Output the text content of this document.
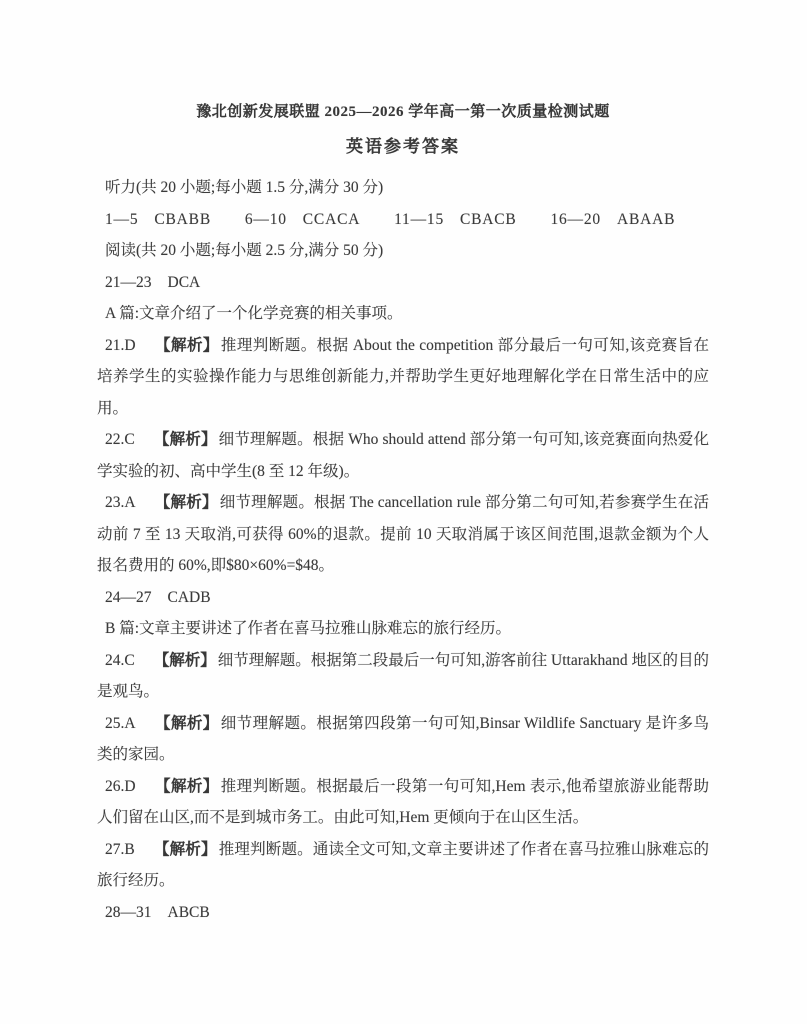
豫北创新发展联盟 2025—2026 学年高一第一次质量检测试题
英语参考答案

听力(共 20 小题;每小题 1.5 分,满分 30 分)

1—5 CBABB 6—10 CCACA 11—15 CBACB 16—20 ABAAB

阅读(共 20 小题;每小题 2.5 分,满分 50 分)

21—23 DCA

A 篇:文章介绍了一个化学竞赛的相关事项。

21.D 【解析】 推理判断题。根据 About the competition 部分最后一句可知,该竞赛旨在培养学生的实验操作能力与思维创新能力,并帮助学生更好地理解化学在日常生活中的应用。

22.C 【解析】 细节理解题。根据 Who should attend 部分第一句可知,该竞赛面向热爱化学实验的初、高中学生(8 至 12 年级)。

23.A 【解析】 细节理解题。根据 The cancellation rule 部分第二句可知,若参赛学生在活动前 7 至 13 天取消,可获得 60%的退款。提前 10 天取消属于该区间范围,退款金额为个人报名费用的 60%,即$80×60%=$48。

24—27 CADB

B 篇:文章主要讲述了作者在喜马拉雅山脉难忘的旅行经历。

24.C 【解析】 细节理解题。根据第二段最后一句可知,游客前往 Uttarakhand 地区的目的是观鸟。

25.A 【解析】 细节理解题。根据第四段第一句可知,Binsar Wildlife Sanctuary 是许多鸟类的家园。

26.D 【解析】 推理判断题。根据最后一段第一句可知,Hem 表示,他希望旅游业能帮助人们留在山区,而不是到城市务工。由此可知,Hem 更倾向于在山区生活。

27.B 【解析】 推理判断题。通读全文可知,文章主要讲述了作者在喜马拉雅山脉难忘的旅行经历。

28—31 ABCB
